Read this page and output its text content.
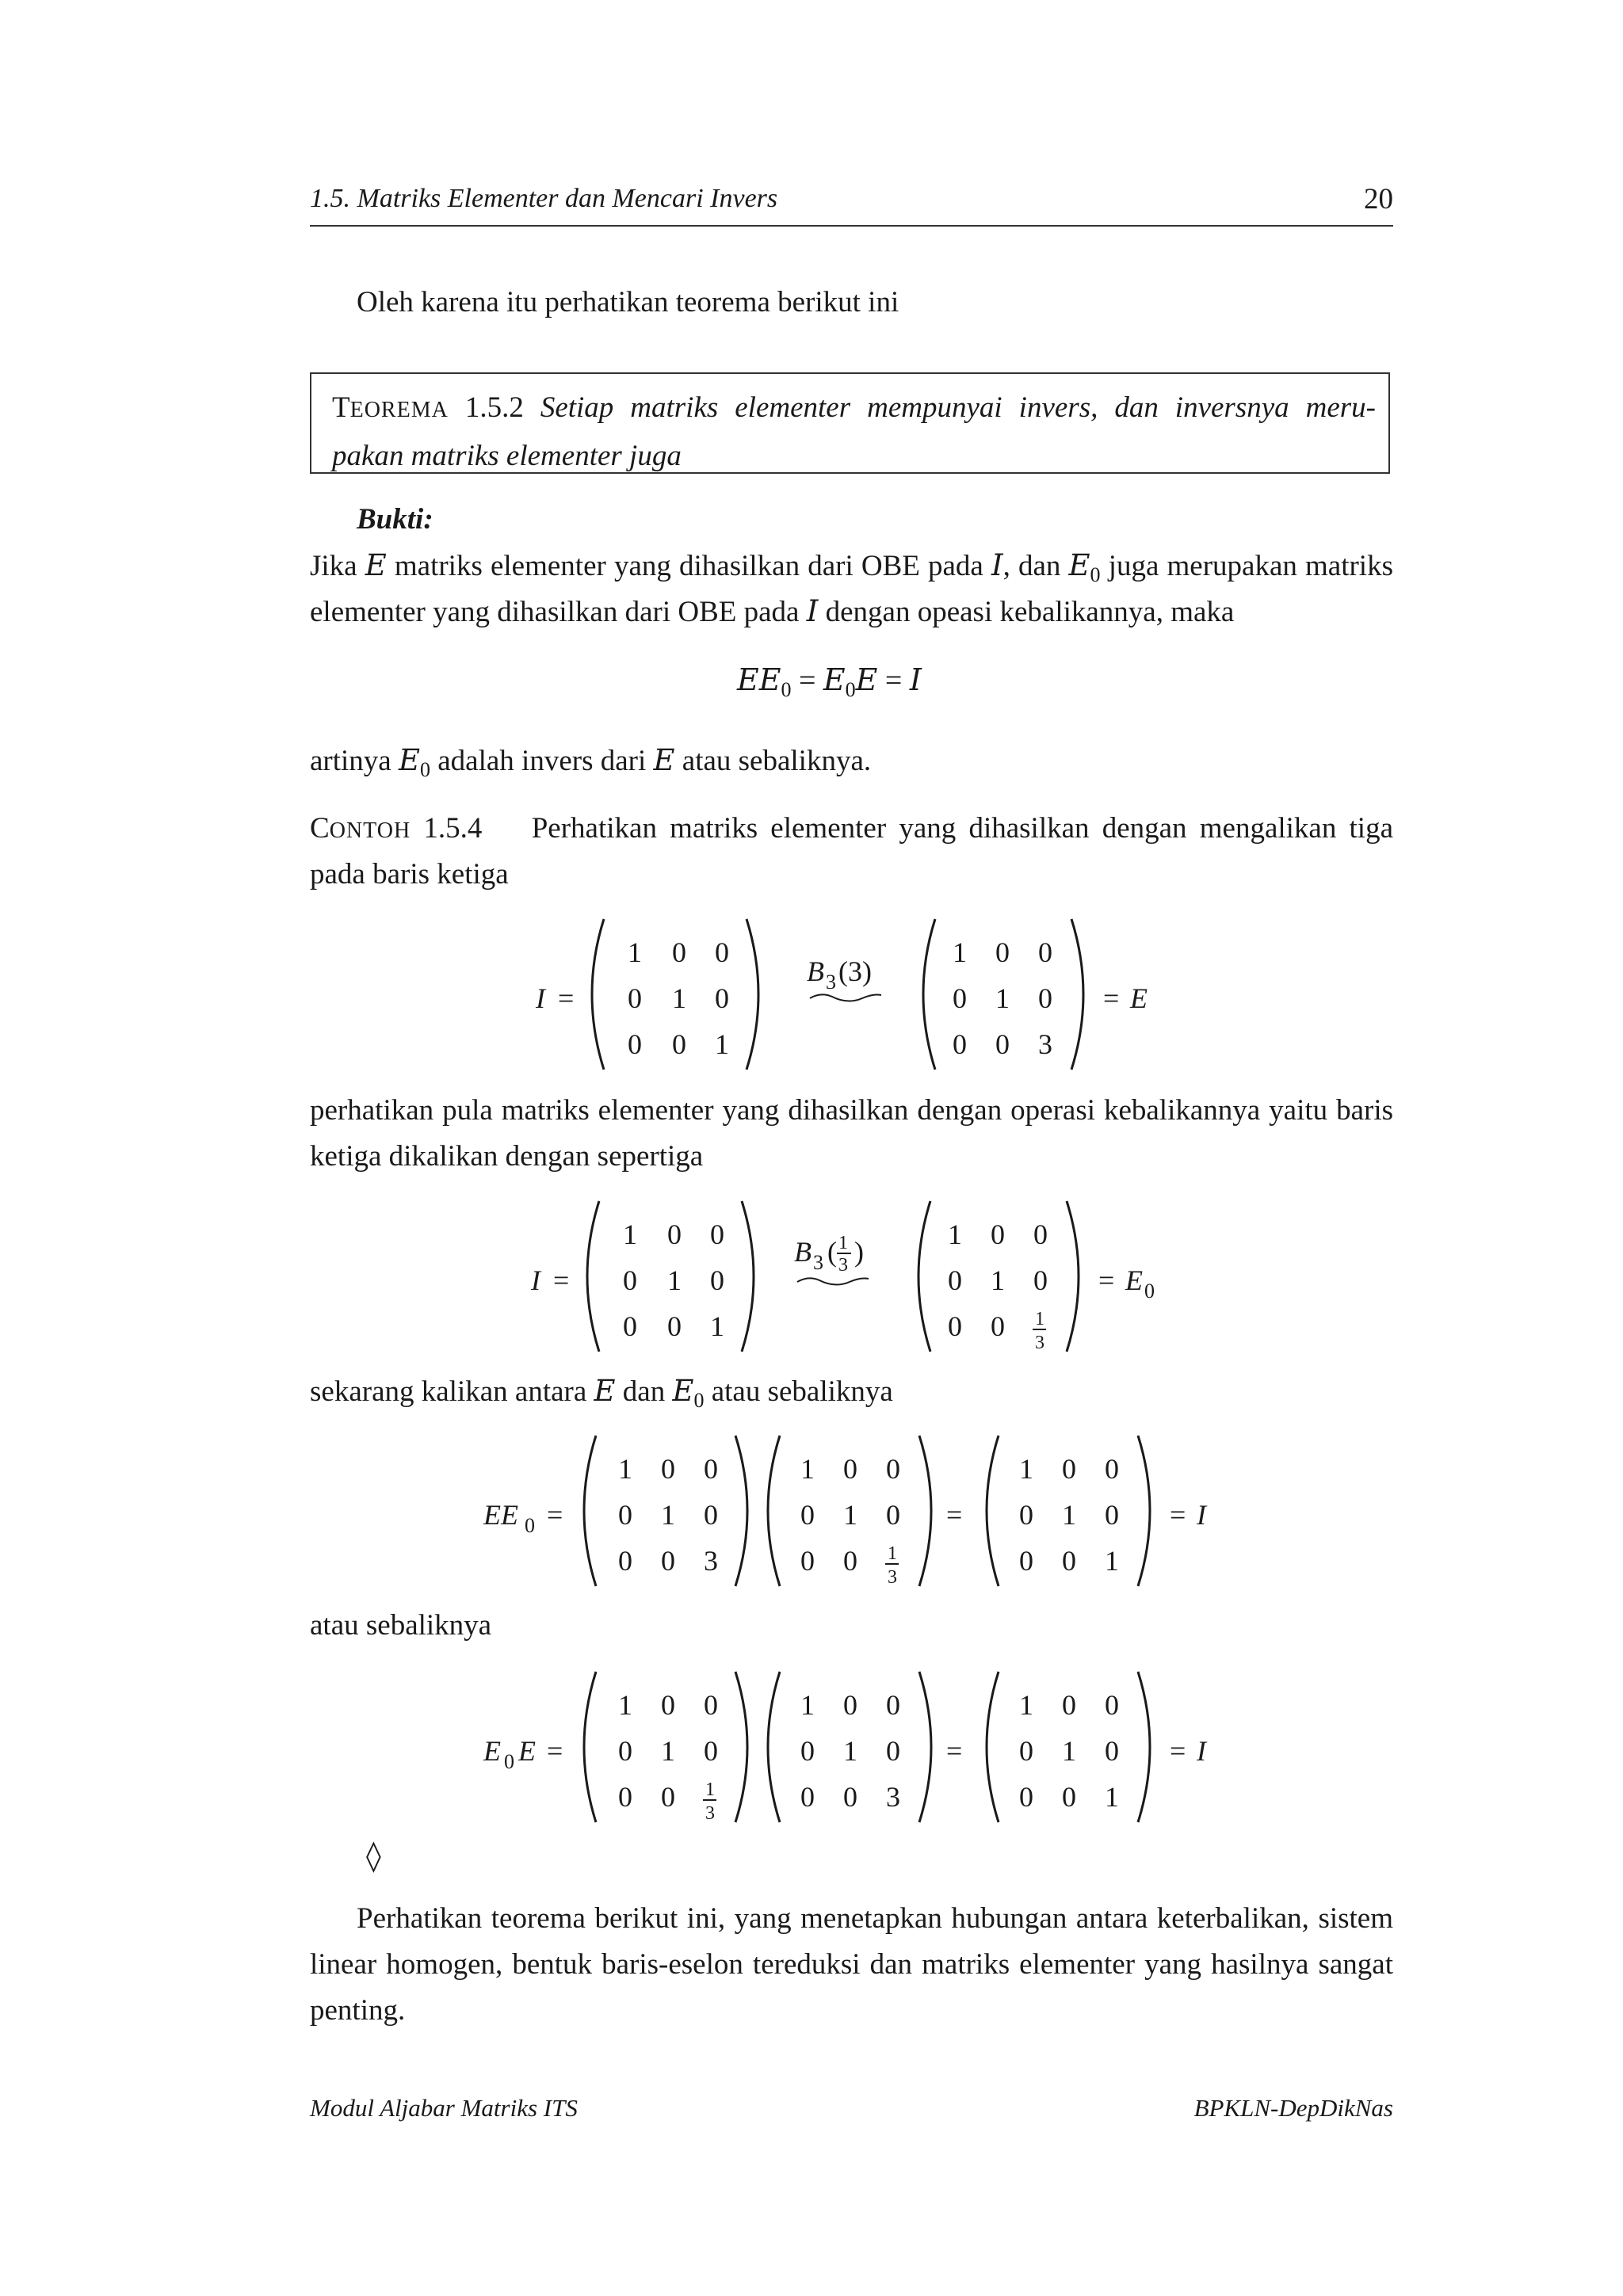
1.5. Matriks Elementer dan Mencari Invers	20
Oleh karena itu perhatikan teorema berikut ini
TEOREMA 1.5.2 Setiap matriks elementer mempunyai invers, dan inversnya meru-
pakan matriks elementer juga
Bukti:
Jika E matriks elementer yang dihasilkan dari OBE pada I, dan $E_0$ juga merupakan matriks
elementer yang dihasilkan dari OBE pada I dengan opeasi kebalikannya, maka
$EE_0 = E_0E = I$
artinya $E_0$ adalah invers dari E atau sebaliknya.
CONTOH 1.5.4 Perhatikan matriks elementer yang dihasilkan dengan mengalikan tiga
pada baris ketiga
I =
1 0 0
0 1 0
0 0 1
B 3 (3)
1 0 0
0 1 0
0 0 3
= E
perhatikan pula matriks elementer yang dihasilkan dengan operasi kebalikannya yaitu baris
ketiga dikalikan dengan sepertiga
I =
1 0 0
0 1 0
0 0 1
B 3 ( 1
3 )
1 0 0
0 1 0
0 0 1
3
= E 0
sekarang kalikan antara E dan $E_0$ atau sebaliknya
EE 0 =
1 0 0
0 1 0
0 0 3
1 0 0
0 1 0
0 0 1
3
=
1 0 0
0 1 0
0 0 1
= I
atau sebaliknya
E 0 E =
1 0 0
0 1 0
0 0 1
3
1 0 0
0 1 0
0 0 3
=
1 0 0
0 1 0
0 0 1
= I
◊
Perhatikan teorema berikut ini, yang menetapkan hubungan antara keterbalikan, sistem
linear homogen, bentuk baris-eselon tereduksi dan matriks elementer yang hasilnya sangat
penting.
Modul Aljabar Matriks ITS	BPKLN-DepDikNas
